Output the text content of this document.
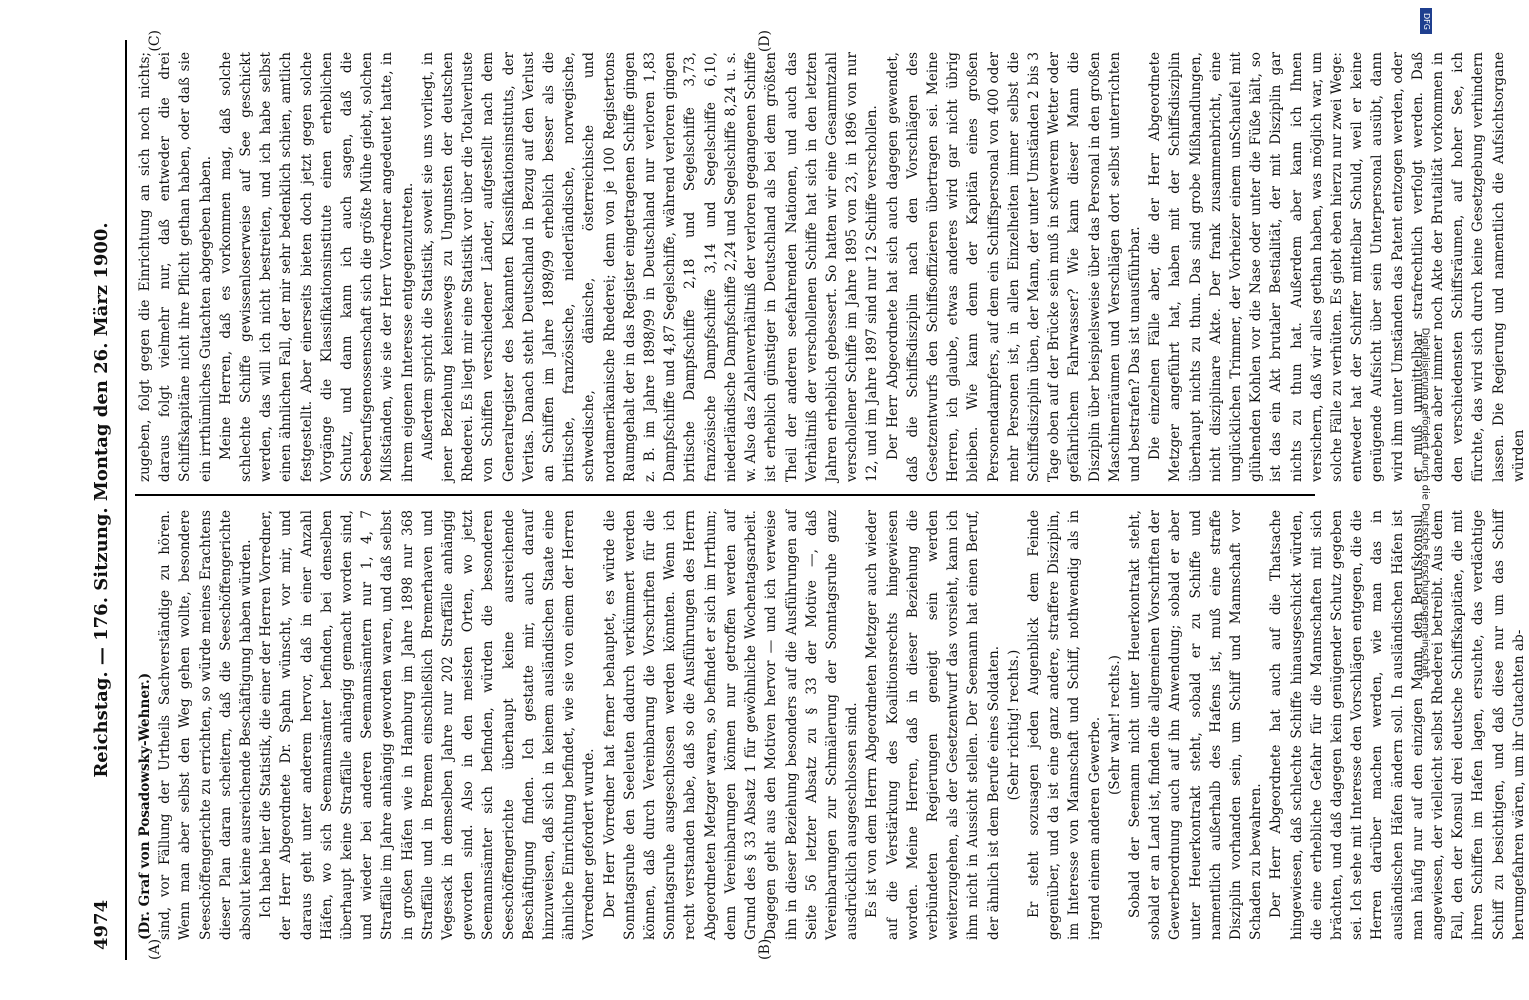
4974
Reichstag. — 176. Sitzung. Montag den 26. März 1900.
(A)	(B)
(C)	(D)

(Dr. Graf von Posadowsky-Wehner.) sind, vor Fällung der Urtheils Sachverständige zu hören. Wenn man aber selbst den Weg gehen wollte, besondere Seeschöffengerichte zu errichten, so würde meines Erachtens dieser Plan daran scheitern, daß die Seeschöffengerichte absolut keine ausreichende Beschäftigung haben würden. Ich habe hier die Statistik, die einer der Herren Vorredner, der Herr Abgeordnete Dr. Spahn wünscht, vor mir, und daraus geht unter anderem hervor, daß in einer Anzahl Häfen, wo sich Seemannsämter befinden, bei denselben überhaupt keine Straffälle anhängig gemacht worden sind, und wieder bei anderen Seemannsämtern nur 1, 4, 7 Straffälle im Jahre anhängig geworden waren, und daß selbst in großen Häfen wie in Hamburg im Jahre 1898 nur 368 Straffälle und in Bremen einschließlich Bremerhaven und Vegesack in demselben Jahre nur 202 Straffälle anhängig geworden sind. Also in den meisten Orten, wo jetzt Seemannsämter sich befinden, würden die besonderen Seeschöffengerichte überhaupt keine ausreichende Beschäftigung finden. Ich gestatte mir, auch darauf hinzuweisen, daß sich in keinem ausländischen Staate eine ähnliche Einrichtung befindet, wie sie von einem der Herren Vorredner gefordert wurde. Der Herr Vorredner hat ferner behauptet, es würde die Sonntagsruhe den Seeleuten dadurch verkümmert werden können, daß durch Vereinbarung die Vorschriften für die Sonntagsruhe ausgeschlossen werden könnten. Wenn ich recht verstanden habe, daß so die Ausführungen des Herrn Abgeordneten Metzger waren, so befindet er sich im Irrthum; denn Vereinbarungen können nur getroffen werden auf Grund des § 33 Absatz 1 für gewöhnliche Wochentagsarbeit. Dagegen geht aus den Motiven hervor — und ich verweise ihn in dieser Beziehung besonders auf die Ausführungen auf Seite 56 letzter Absatz zu § 33 der Motive —, daß Vereinbarungen zur Schmälerung der Sonntagsruhe ganz ausdrücklich ausgeschlossen sind. Es ist von dem Herrn Abgeordneten Metzger auch wieder auf die Verstärkung des Koalitionsrechts hingewiesen worden. Meine Herren, daß in dieser Beziehung die verbündeten Regierungen geneigt sein werden weiterzugehen, als der Gesetzentwurf das vorsieht, kann ich ihm nicht in Aussicht stellen. Der Seemann hat einen Beruf, der ähnlich ist dem Berufe eines Soldaten. (Sehr richtig! rechts.) Er steht sozusagen jeden Augenblick dem Feinde gegenüber, und da ist eine ganz andere, straffere Disziplin, im Interesse von Mannschaft und Schiff, nothwendig als in irgend einem anderen Gewerbe. (Sehr wahr! rechts.) Sobald der Seemann nicht unter Heuerkontrakt steht, sobald er an Land ist, finden die allgemeinen Vorschriften der Gewerbeordnung auch auf ihn Anwendung; sobald er aber unter Heuerkontrakt steht, sobald er zu Schiffe und namentlich außerhalb des Hafens ist, muß eine straffe Disziplin vorhanden sein, um Schiff und Mannschaft vor Schaden zu bewahren. Der Herr Abgeordnete hat auch auf die Thatsache hingewiesen, daß schlechte Schiffe hinausgeschickt würden, die eine erhebliche Gefahr für die Mannschaften mit sich brächten, und daß dagegen kein genügender Schutz gegeben sei. Ich sehe mit Interesse den Vorschlägen entgegen, die die Herren darüber machen werden, wie man das in ausländischen Häfen ändern soll. In ausländischen Häfen ist man häufig nur auf den einzigen Mann, den Berufskonsul, angewiesen, der vielleicht selbst Rhederei betreibt. Aus dem Fall, den der Konsul drei deutsche Schiffskapitäne, die mit ihren Schiffen im Hafen lagen, ersuchte, das verdächtige Schiff zu besichtigen, und daß diese nur um das Schiff herumgefahren wären, um ihr Gutachten ab-

zugeben, folgt gegen die Einrichtung an sich noch nichts; daraus folgt vielmehr nur, daß entweder die drei Schiffskapitäne nicht ihre Pflicht gethan haben, oder daß sie ein irrthümliches Gutachten abgegeben haben. Meine Herren, daß es vorkommen mag, daß solche schlechte Schiffe gewissenloserweise auf See geschickt werden, das will ich nicht bestreiten, und ich habe selbst einen ähnlichen Fall, der mir sehr bedenklich schien, amtlich festgestellt. Aber einerseits bieten doch jetzt gegen solche Vorgänge die Klassifikationsinstitute einen erheblichen Schutz, und dann kann ich auch sagen, daß die Seeberufsgenossenschaft sich die größte Mühe giebt, solchen Mißständen, wie sie der Herr Vorredner angedeutet hatte, in ihrem eigenen Interesse entgegenzutreten. Außerdem spricht die Statistik, soweit sie uns vorliegt, in jener Beziehung keineswegs zu Ungunsten der deutschen Rhederei. Es liegt mir eine Statistik vor über die Totalverluste von Schiffen verschiedener Länder, aufgestellt nach dem Generalregister des bekannten Klassifikationsinstituts, der Veritas. Danach steht Deutschland in Bezug auf den Verlust an Schiffen im Jahre 1898/99 erheblich besser als die britische, französische, niederländische, norwegische, schwedische, dänische, österreichische und nordamerikanische Rhederei; denn von je 100 Registertons Raumgehalt der in das Register eingetragenen Schiffe gingen z. B. im Jahre 1898/99 in Deutschland nur verloren 1,83 Dampfschiffe und 4,87 Segelschiffe, während verloren gingen britische Dampfschiffe 2,18 und Segelschiffe 3,73, französische Dampfschiffe 3,14 und Segelschiffe 6,10, niederländische Dampfschiffe 2,24 und Segelschiffe 8,24 u. s. w. Also das Zahlenverhältniß der verloren gegangenen Schiffe ist erheblich günstiger in Deutschland als bei dem größten Theil der anderen seefahrenden Nationen, und auch das Verhältniß der verschollenen Schiffe hat sich in den letzten Jahren erheblich gebessert. So hatten wir eine Gesammtzahl verschollener Schiffe im Jahre 1895 von 23, in 1896 von nur 12, und im Jahre 1897 sind nur 12 Schiffe verschollen. Der Herr Abgeordnete hat sich auch dagegen gewendet, daß die Schiffsdisziplin nach den Vorschlägen des Gesetzentwurfs den Schiffsoffizieren übertragen sei. Meine Herren, ich glaube, etwas anderes wird gar nicht übrig bleiben. Wie kann denn der Kapitän eines großen Personendampfers, auf dem ein Schiffspersonal von 400 oder mehr Personen ist, in allen Einzelheiten immer selbst die Schiffsdisziplin üben, der Mann, der unter Umständen 2 bis 3 Tage oben auf der Brücke sein muß in schwerem Wetter oder gefährlichem Fahrwasser? Wie kann dieser Mann die Disziplin über beispielsweise über das Personal in den großen Maschinenräumen und Verschlägen dort selbst unterrichten und bestrafen? Das ist unausführbar. Die einzelnen Fälle aber, die der Herr Abgeordnete Metzger angeführt hat, haben mit der Schiffsdisziplin überhaupt nichts zu thun. Das sind grobe Mißhandlungen, nicht disziplinare Akte. Der frank zusammenbricht, eine unglücklichen Trimmer, der Vorheizer einem unSchaufel mit glühenden Kohlen vor die Nase oder unter die Füße hält, so ist das ein Akt brutaler Bestialität, der mit Disziplin gar nichts zu thun hat. Außerdem aber kann ich Ihnen versichern, daß wir alles gethan haben, was möglich war, um solche Fälle zu verhüten. Es giebt eben hierzu nur zwei Wege: entweder hat der Schiffer mittelbar Schuld, weil er keine genügende Aufsicht über sein Unterpersonal ausübt, dann wird ihm unter Umständen das Patent entzogen werden, oder er muß unmittelbar strafrechtlich verfolgt werden. Daß daneben aber immer noch Akte der Brutalität vorkommen in den verschiedensten Schiffsräumen, auf hoher See, ich fürchte, das wird sich durch keine Gesetzgebung verhindern lassen. Die Regierung und namentlich die Aufsichtsorgane würden

DFG
Digitalisierung gefördert durch die Deutsche Forschungsgemeinschaft
